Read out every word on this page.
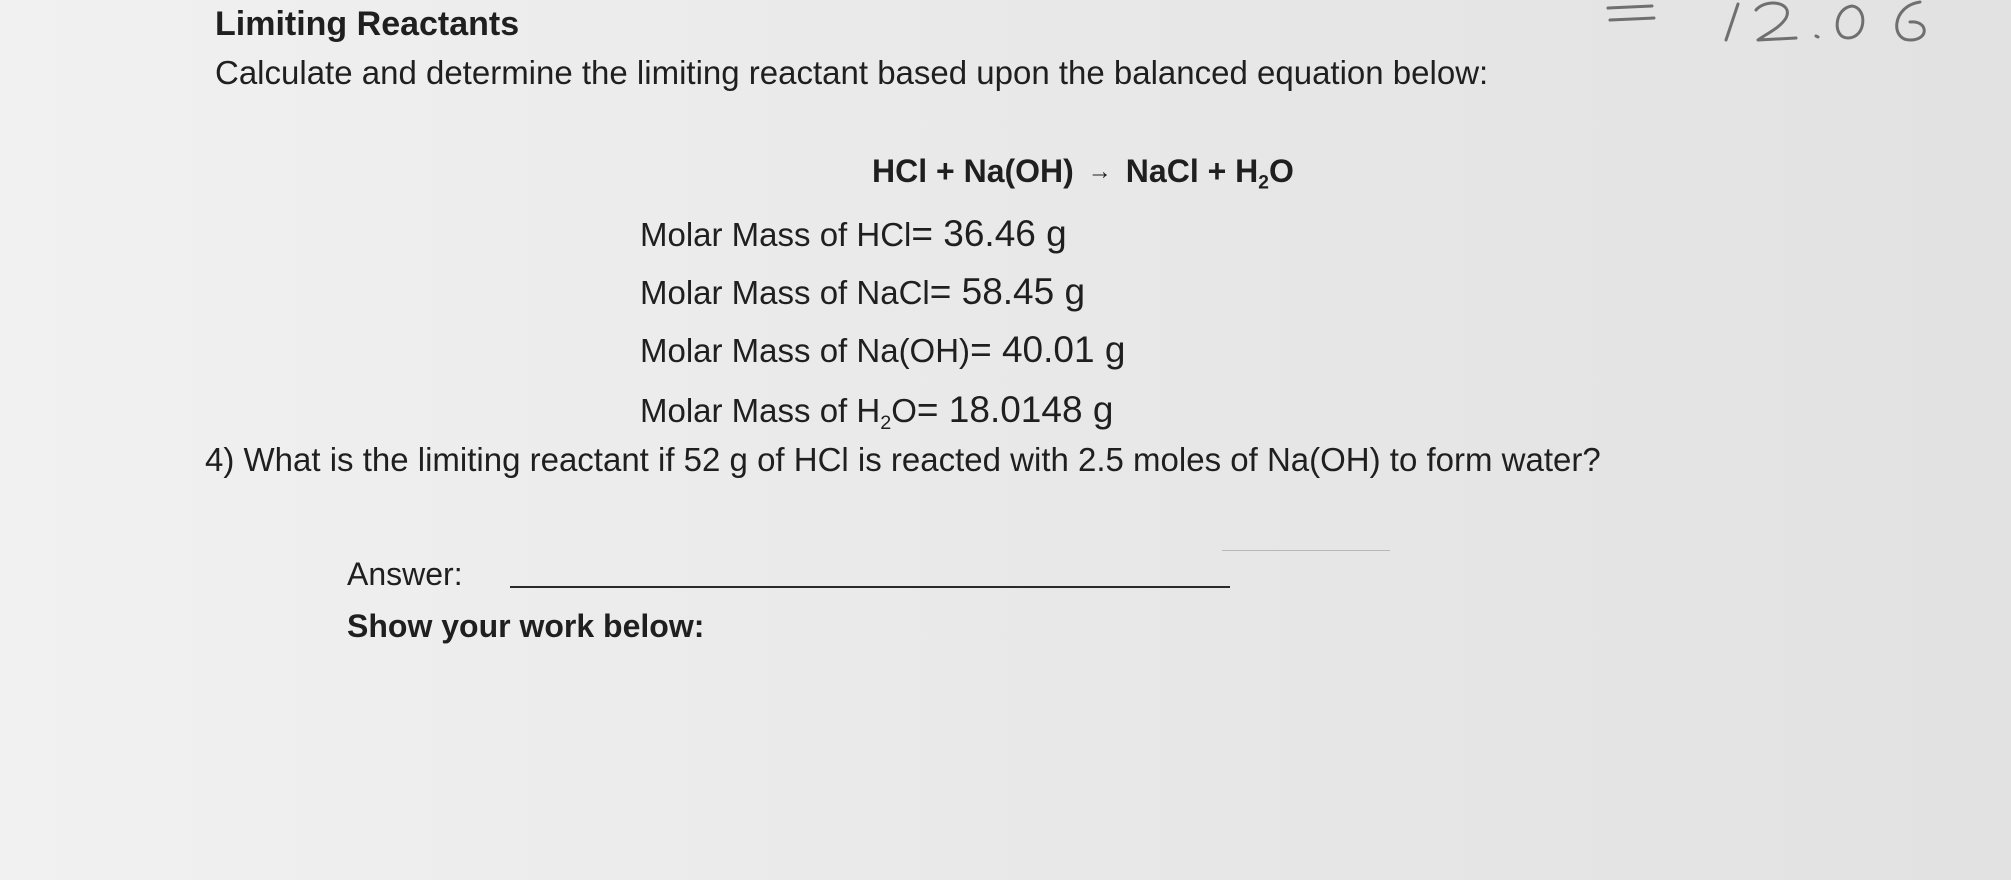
Limiting Reactants
Calculate and determine the limiting reactant based upon the balanced equation below:
HCl + Na(OH) → NaCl + $H_2O$
Molar Mass of HCl= 36.46 g
Molar Mass of NaCl= 58.45 g
Molar Mass of Na(OH)= 40.01 g
Molar Mass of $H_2O= 18.0148$ g
4) What is the limiting reactant if 52 g of HCl is reacted with 2.5 moles of Na(OH) to form water?
Answer:
Show your work below:
